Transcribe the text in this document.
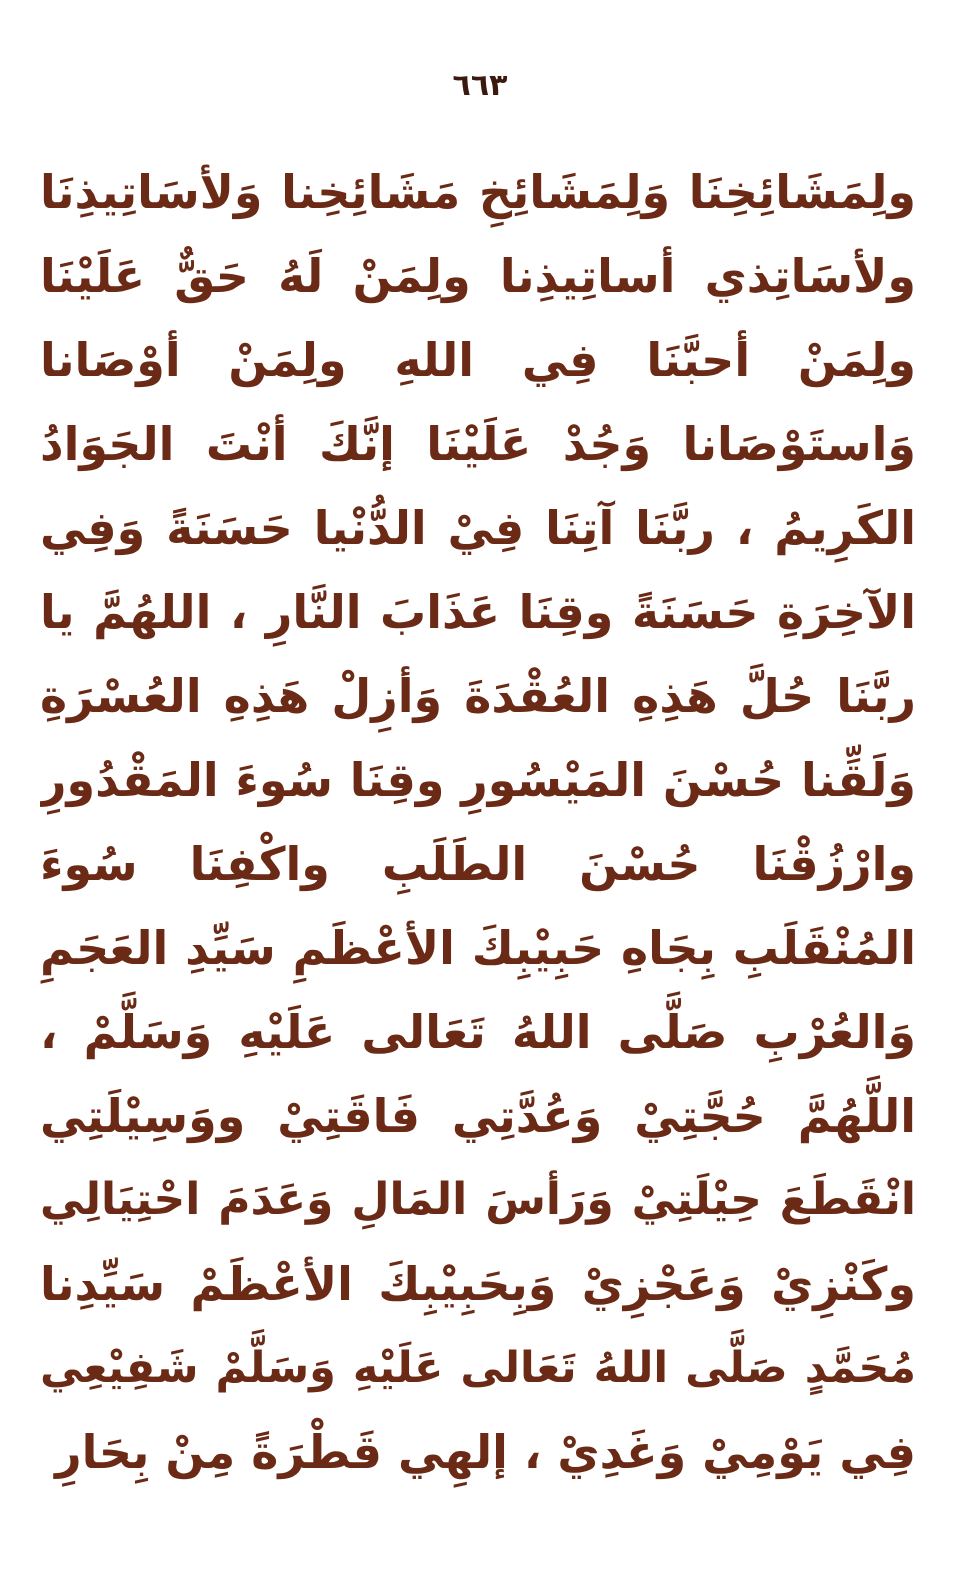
٦٦٣
ولِمَشَائِخِنَا وَلِمَشَائِخِ مَشَائِخِنا وَلأسَاتِيذِنَا
ولأسَاتِذي أساتِيذِنا ولِمَنْ لَهُ حَقٌّ عَلَيْنَا
ولِمَنْ أحبَّنَا فِي اللهِ ولِمَنْ أوْصَانا
وَاستَوْصَانا وَجُدْ عَلَيْنَا إنَّكَ أنْتَ الجَوَادُ
الكَرِيمُ ، ربَّنَا آتِنَا فِيْ الدُّنْيا حَسَنَةً وَفِي
الآخِرَةِ حَسَنَةً وقِنَا عَذَابَ النَّارِ ، اللهُمَّ يا
ربَّنَا حُلَّ هَذِهِ العُقْدَةَ وَأزِلْ هَذِهِ العُسْرَةِ
وَلَقِّنا حُسْنَ المَيْسُورِ وقِنَا سُوءَ المَقْدُورِ
وارْزُقْنَا حُسْنَ الطَلَبِ واكْفِنَا سُوءَ
المُنْقَلَبِ بِجَاهِ حَبِيْبِكَ الأعْظَمِ سَيِّدِ العَجَمِ
وَالعُرْبِ صَلَّى اللهُ تَعَالى عَلَيْهِ وَسَلَّمْ ،
اللَّهُمَّ حُجَّتِيْ وَعُدَّتِي فَاقَتِيْ ووَسِيْلَتِي
انْقَطَعَ حِيْلَتِيْ وَرَأسَ المَالِ وَعَدَمَ احْتِيَالِي
وكَنْزِيْ وَعَجْزِيْ وَبِحَبِيْبِكَ الأعْظَمْ سَيِّدِنا
مُحَمَّدٍ صَلَّى اللهُ تَعَالى عَلَيْهِ وَسَلَّمْ شَفِيْعِي
فِي يَوْمِيْ وَغَدِيْ ، إلهِي قَطْرَةً مِنْ بِحَارِ
